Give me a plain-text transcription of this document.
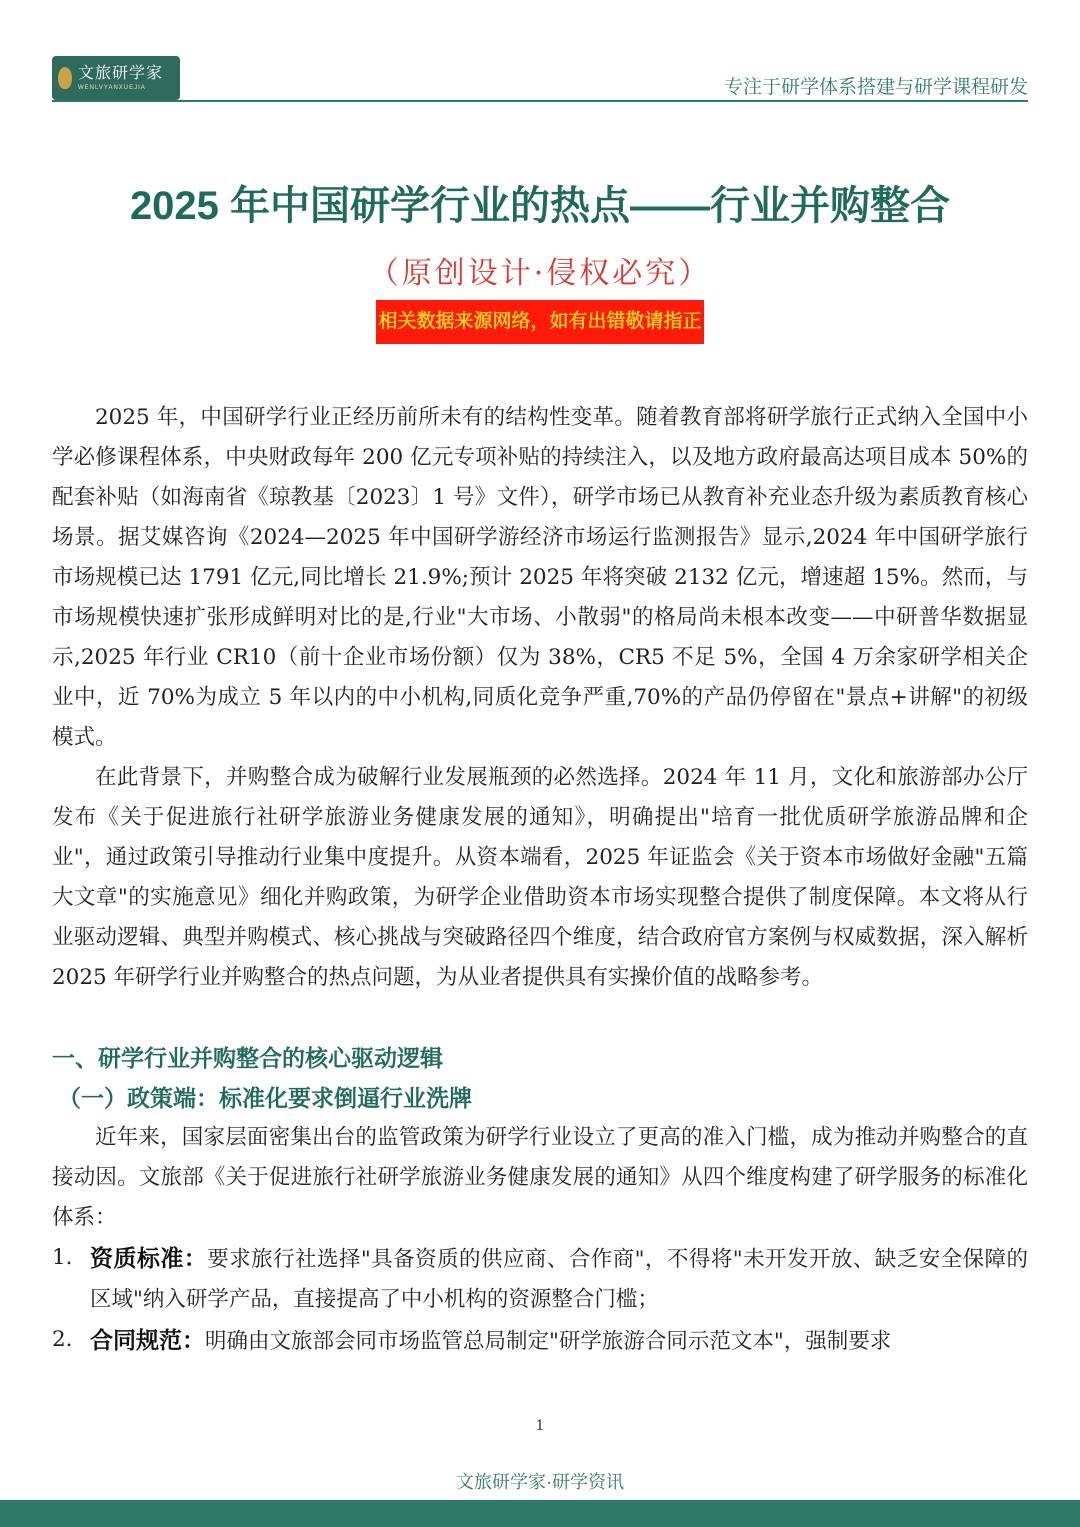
文旅研学家
WENLVYANXUEJIA	专注于研学体系搭建与研学课程研发
2025 年中国研学行业的热点——行业并购整合
（原创设计·侵权必究）
相关数据来源网络，如有出错敬请指正

2025 年，中国研学行业正经历前所未有的结构性变革。随着教育部将研学旅行正式纳入全国中小学必修课程体系，中央财政每年 200 亿元专项补贴的持续注入，以及地方政府最高达项目成本 50%的配套补贴（如海南省《琼教基〔2023〕1 号》文件），研学市场已从教育补充业态升级为素质教育核心场景。据艾媒咨询《2024—2025 年中国研学游经济市场运行监测报告》显示,2024 年中国研学旅行市场规模已达 1791 亿元,同比增长 21.9%;预计 2025 年将突破 2132 亿元，增速超 15%。然而，与市场规模快速扩张形成鲜明对比的是,行业"大市场、小散弱"的格局尚未根本改变——中研普华数据显示,2025 年行业 CR10（前十企业市场份额）仅为 38%，CR5 不足 5%，全国 4 万余家研学相关企业中，近 70%为成立 5 年以内的中小机构,同质化竞争严重,70%的产品仍停留在"景点+讲解"的初级模式。

在此背景下，并购整合成为破解行业发展瓶颈的必然选择。2024 年 11 月，文化和旅游部办公厅发布《关于促进旅行社研学旅游业务健康发展的通知》，明确提出"培育一批优质研学旅游品牌和企业"，通过政策引导推动行业集中度提升。从资本端看，2025 年证监会《关于资本市场做好金融"五篇大文章"的实施意见》细化并购政策，为研学企业借助资本市场实现整合提供了制度保障。本文将从行业驱动逻辑、典型并购模式、核心挑战与突破路径四个维度，结合政府官方案例与权威数据，深入解析 2025 年研学行业并购整合的热点问题，为从业者提供具有实操价值的战略参考。

一、研学行业并购整合的核心驱动逻辑
（一）政策端：标准化要求倒逼行业洗牌

近年来，国家层面密集出台的监管政策为研学行业设立了更高的准入门槛，成为推动并购整合的直接动因。文旅部《关于促进旅行社研学旅游业务健康发展的通知》从四个维度构建了研学服务的标准化体系：

1. 资质标准：要求旅行社选择"具备资质的供应商、合作商"，不得将"未开发开放、缺乏安全保障的区域"纳入研学产品，直接提高了中小机构的资源整合门槛；
2. 合同规范：明确由文旅部会同市场监管总局制定"研学旅游合同示范文本"，强制要求
1
文旅研学家·研学资讯
